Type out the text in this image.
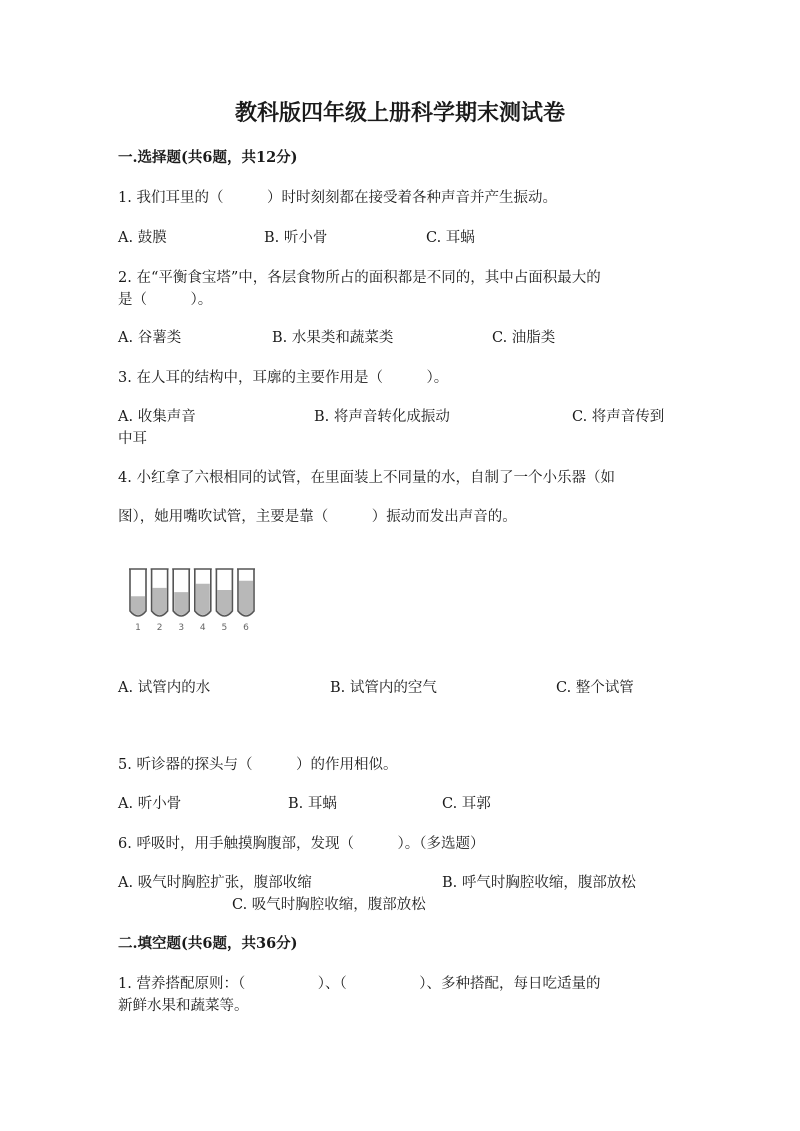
教科版四年级上册科学期末测试卷
一.选择题(共6题，共12分)
1. 我们耳里的（　　　）时时刻刻都在接受着各种声音并产生振动。
A. 鼓膜	B. 听小骨	C. 耳蜗
2. 在“平衡食宝塔”中，各层食物所占的面积都是不同的，其中占面积最大的
是（　　　）。
A. 谷薯类	B. 水果类和蔬菜类	C. 油脂类
3. 在人耳的结构中，耳廓的主要作用是（　　　）。
A. 收集声音	B. 将声音转化成振动	C. 将声音传到
中耳
4. 小红拿了六根相同的试管，在里面装上不同量的水，自制了一个小乐器（如
图），她用嘴吹试管，主要是靠（　　　）振动而发出声音的。
1 2 3 4 5 6
A. 试管内的水	B. 试管内的空气	C. 整个试管
5. 听诊器的探头与（　　　）的作用相似。
A. 听小骨	B. 耳蜗	C. 耳郭
6. 呼吸时，用手触摸胸腹部，发现（　　　）。（多选题）
A. 吸气时胸腔扩张，腹部收缩	B. 呼气时胸腔收缩，腹部放松
C. 吸气时胸腔收缩，腹部放松
二.填空题(共6题，共36分)
1. 营养搭配原则：（　　　　　）、（　　　　　）、多种搭配，每日吃适量的
新鲜水果和蔬菜等。
